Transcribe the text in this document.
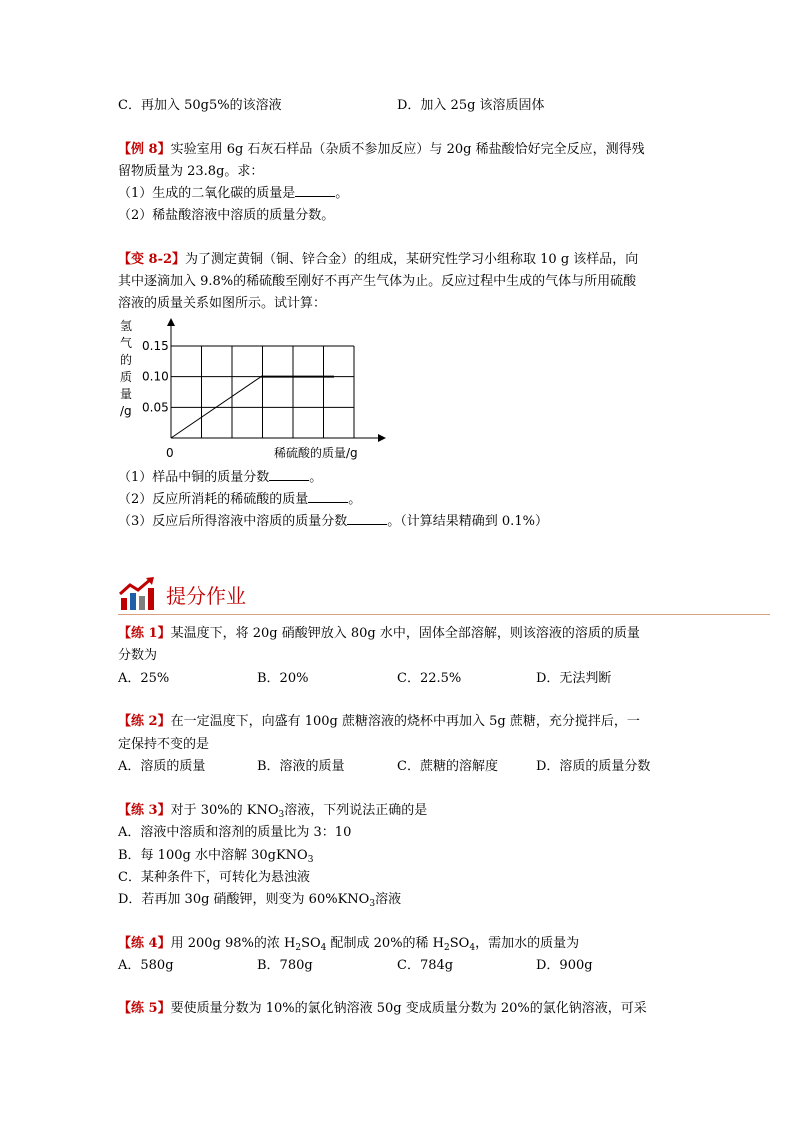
C．再加入 50g5%的该溶液	D．加入 25g 该溶质固体
【例 8】实验室用 6g 石灰石样品（杂质不参加反应）与 20g 稀盐酸恰好完全反应，测得残
留物质量为 23.8g。求：
（1）生成的二氧化碳的质量是	。
（2）稀盐酸溶液中溶质的质量分数。
【变 8-2】为了测定黄铜（铜、锌合金）的组成，某研究性学习小组称取 10 g 该样品，向
其中逐滴加入 9.8%的稀硫酸至刚好不再产生气体为止。反应过程中生成的气体与所用硫酸
溶液的质量关系如图所示。试计算：
氢
气
的
质
量
/g
0.15
0.10
0.05
0	稀硫酸的质量/g
（1）样品中铜的质量分数	。
（2）反应所消耗的稀硫酸的质量	。
（3）反应后所得溶液中溶质的质量分数	。（计算结果精确到 0.1%）
提分作业
【练 1】某温度下，将 20g 硝酸钾放入 80g 水中，固体全部溶解，则该溶液的溶质的质量
分数为
A．25%	B．20%	C．22.5%	D．无法判断
【练 2】在一定温度下，向盛有 100g 蔗糖溶液的烧杯中再加入 5g 蔗糖，充分搅拌后，一
定保持不变的是
A．溶质的质量	B．溶液的质量	C．蔗糖的溶解度	D．溶质的质量分数
【练 3】对于 30%的 $KNO_3$溶液，下列说法正确的是
A．溶液中溶质和溶剂的质量比为 3：10
B．每 100g 水中溶解 30gKNO$_3$
C．某种条件下，可转化为悬浊液
D．若再加 30g 硝酸钾，则变为 $60\%KNO_3$溶液
【练 4】用 200g 98%的浓 $H_2SO_4$ 配制成 20%的稀 $H_2SO_4$，需加水的质量为
A．580g	B．780g	C．784g	D．900g
【练 5】要使质量分数为 10%的氯化钠溶液 50g 变成质量分数为 20%的氯化钠溶液，可采
